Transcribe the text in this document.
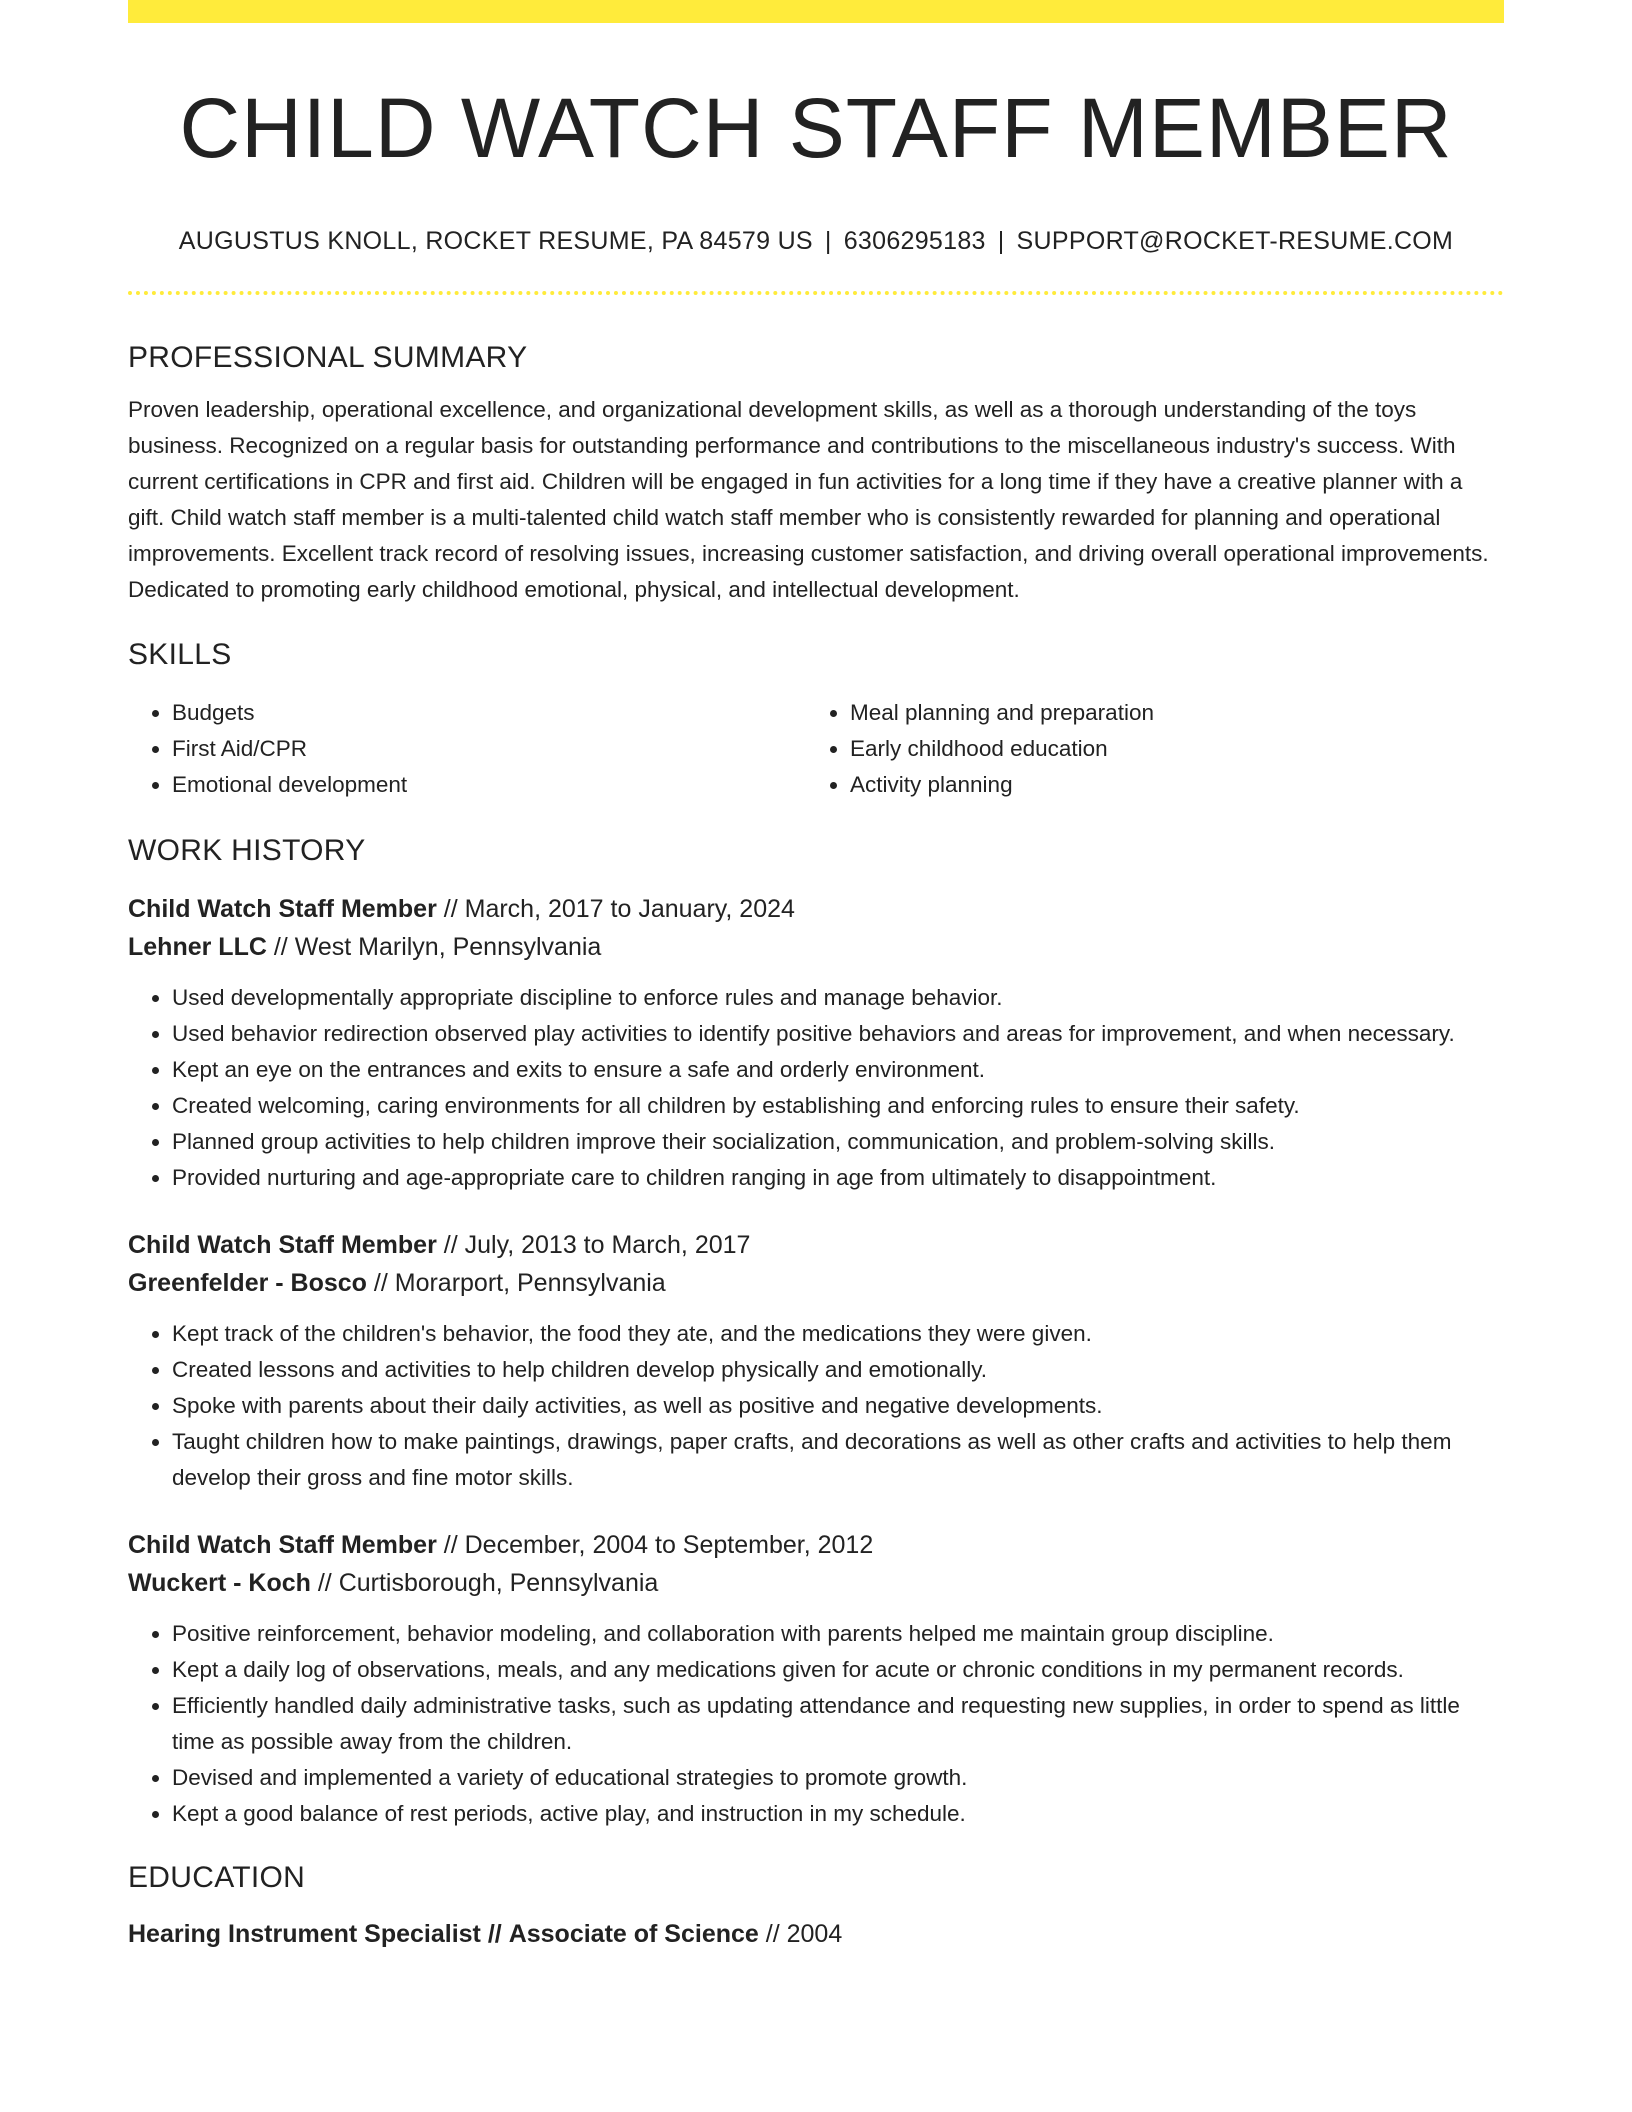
CHILD WATCH STAFF MEMBER
AUGUSTUS KNOLL, ROCKET RESUME, PA 84579 US | 6306295183 | SUPPORT@ROCKET-RESUME.COM
PROFESSIONAL SUMMARY

Proven leadership, operational excellence, and organizational development skills, as well as a thorough understanding of the toys business. Recognized on a regular basis for outstanding performance and contributions to the miscellaneous industry's success. With current certifications in CPR and first aid. Children will be engaged in fun activities for a long time if they have a creative planner with a gift. Child watch staff member is a multi-talented child watch staff member who is consistently rewarded for planning and operational improvements. Excellent track record of resolving issues, increasing customer satisfaction, and driving overall operational improvements. Dedicated to promoting early childhood emotional, physical, and intellectual development.

SKILLS
• Budgets
• First Aid/CPR
• Emotional development
• Meal planning and preparation
• Early childhood education
• Activity planning
WORK HISTORY
Child Watch Staff Member // March, 2017 to January, 2024
Lehner LLC // West Marilyn, Pennsylvania
• Used developmentally appropriate discipline to enforce rules and manage behavior.
• Used behavior redirection observed play activities to identify positive behaviors and areas for improvement, and when necessary.
• Kept an eye on the entrances and exits to ensure a safe and orderly environment.
• Created welcoming, caring environments for all children by establishing and enforcing rules to ensure their safety.
• Planned group activities to help children improve their socialization, communication, and problem-solving skills.
• Provided nurturing and age-appropriate care to children ranging in age from ultimately to disappointment.
Child Watch Staff Member // July, 2013 to March, 2017
Greenfelder - Bosco // Morarport, Pennsylvania
• Kept track of the children's behavior, the food they ate, and the medications they were given.
• Created lessons and activities to help children develop physically and emotionally.
• Spoke with parents about their daily activities, as well as positive and negative developments.
• Taught children how to make paintings, drawings, paper crafts, and decorations as well as other crafts and activities to help them develop their gross and fine motor skills.
Child Watch Staff Member // December, 2004 to September, 2012
Wuckert - Koch // Curtisborough, Pennsylvania
• Positive reinforcement, behavior modeling, and collaboration with parents helped me maintain group discipline.
• Kept a daily log of observations, meals, and any medications given for acute or chronic conditions in my permanent records.
• Efficiently handled daily administrative tasks, such as updating attendance and requesting new supplies, in order to spend as little time as possible away from the children.
• Devised and implemented a variety of educational strategies to promote growth.
• Kept a good balance of rest periods, active play, and instruction in my schedule.
EDUCATION
Hearing Instrument Specialist // Associate of Science // 2004
